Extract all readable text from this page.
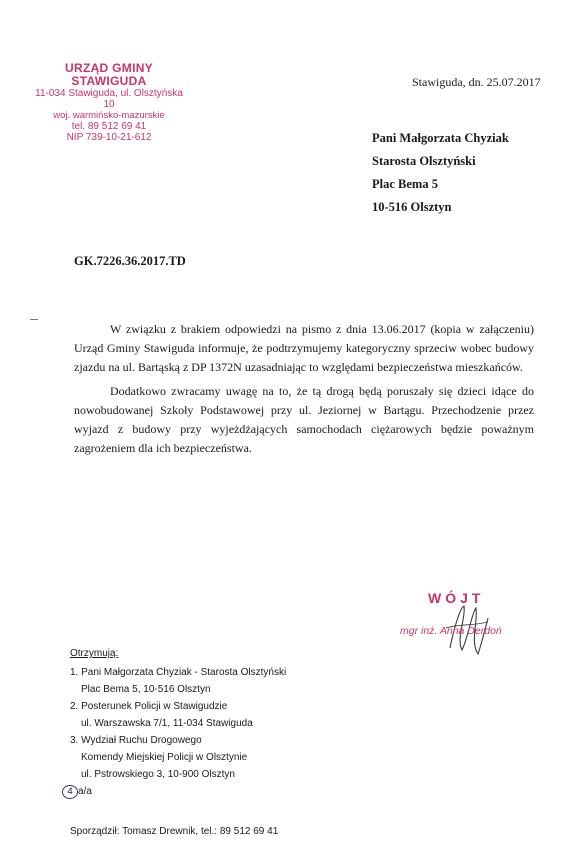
URZĄD GMINY STAWIGUDA
11-034 Stawiguda, ul. Olsztyńska 10
woj. warmińsko-mazurskie
tel. 89 512 69 41
NIP 739-10-21-612
Stawiguda, dn. 25.07.2017
Pani Małgorzata Chyziak
Starosta Olsztyński
Plac Bema 5
10-516 Olsztyn
GK.7226.36.2017.TD

W związku z brakiem odpowiedzi na pismo z dnia 13.06.2017 (kopia w załączeniu) Urząd Gminy Stawiguda informuje, że podtrzymujemy kategoryczny sprzeciw wobec budowy zjazdu na ul. Bartąską z DP 1372N uzasadniając to względami bezpieczeństwa mieszkańców.

Dodatkowo zwracamy uwagę na to, że tą drogą będą poruszały się dzieci idące do nowobudowanej Szkoły Podstawowej przy ul. Jeziornej w Bartągu. Przechodzenie przez wyjazd z budowy przy wyjeżdżających samochodach ciężarowych będzie poważnym zagrożeniem dla ich bezpieczeństwa.

WÓJT
mgr inż. Anna Derdoń
Otrzymują:
1. Pani Małgorzata Chyziak - Starosta Olsztyński
Plac Bema 5, 10-516 Olsztyn
2. Posterunek Policji w Stawigudzie
ul. Warszawska 7/1, 11-034 Stawiguda
3. Wydział Ruchu Drogowego
Komendy Miejskiej Policji w Olsztynie
ul. Pstrowskiego 3, 10-900 Olsztyn
4 a/a
Sporządził: Tomasz Drewnik, tel.: 89 512 69 41
